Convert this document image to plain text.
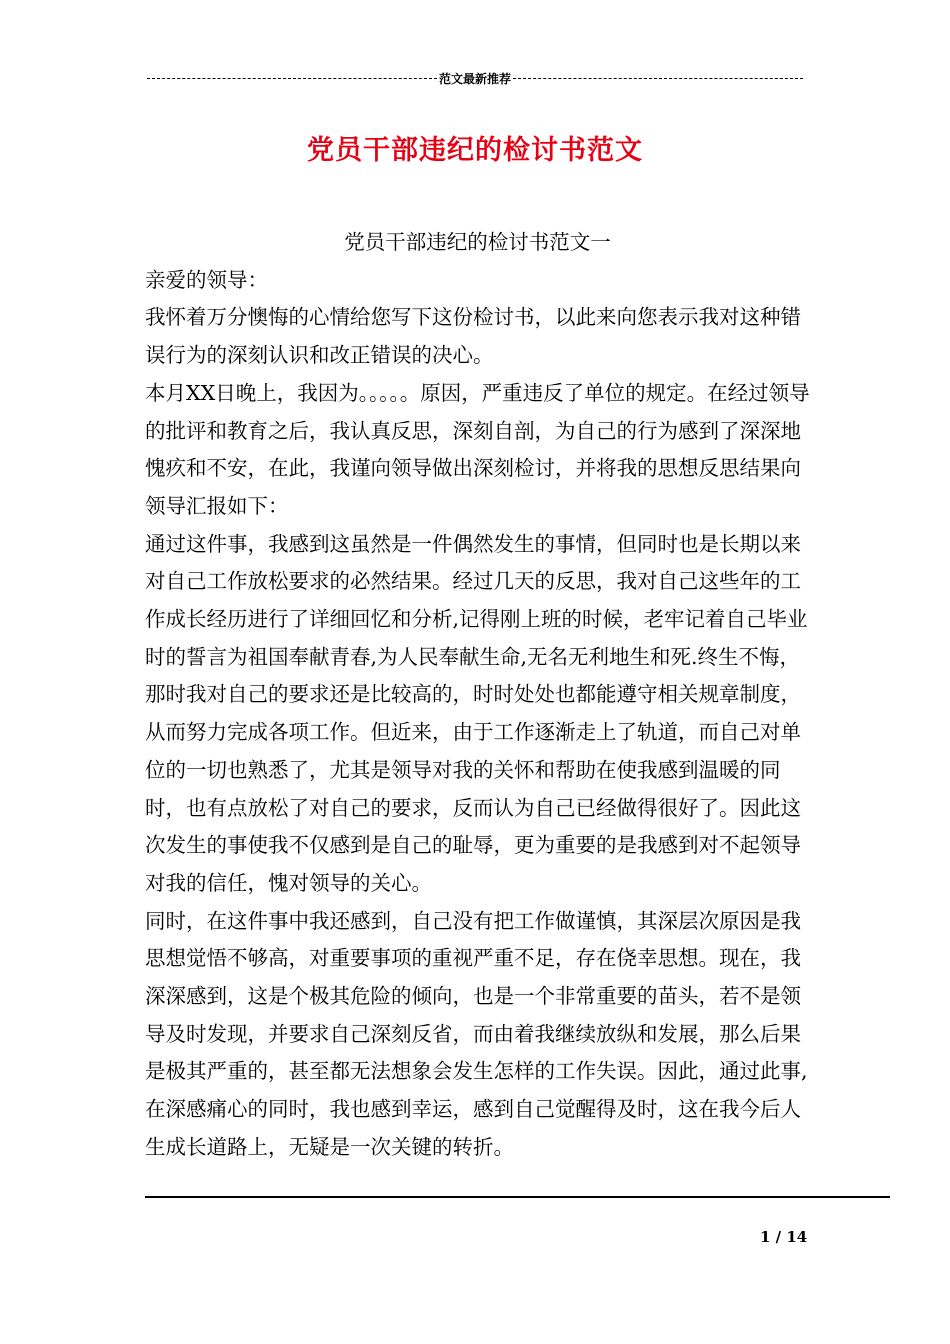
范文最新推荐
党员干部违纪的检讨书范文

党员干部违纪的检讨书范文一

亲爱的领导：

我怀着万分懊悔的心情给您写下这份检讨书，以此来向您表示我对这种错误行为的深刻认识和改正错误的决心。

本月XX日晚上，我因为。。。。。原因，严重违反了单位的规定。在经过领导的批评和教育之后，我认真反思，深刻自剖，为自己的行为感到了深深地愧疚和不安，在此，我谨向领导做出深刻检讨，并将我的思想反思结果向领导汇报如下：

通过这件事，我感到这虽然是一件偶然发生的事情，但同时也是长期以来对自己工作放松要求的必然结果。经过几天的反思，我对自己这些年的工作成长经历进行了详细回忆和分析,记得刚上班的时候，老牢记着自己毕业时的誓言为祖国奉献青春,为人民奉献生命,无名无利地生和死.终生不悔，那时我对自己的要求还是比较高的，时时处处也都能遵守相关规章制度，从而努力完成各项工作。但近来，由于工作逐渐走上了轨道，而自己对单位的一切也熟悉了，尤其是领导对我的关怀和帮助在使我感到温暖的同时，也有点放松了对自己的要求，反而认为自己已经做得很好了。因此这次发生的事使我不仅感到是自己的耻辱，更为重要的是我感到对不起领导对我的信任，愧对领导的关心。

同时，在这件事中我还感到，自己没有把工作做谨慎，其深层次原因是我思想觉悟不够高，对重要事项的重视严重不足，存在侥幸思想。现在，我深深感到，这是个极其危险的倾向，也是一个非常重要的苗头，若不是领导及时发现，并要求自己深刻反省，而由着我继续放纵和发展，那么后果是极其严重的，甚至都无法想象会发生怎样的工作失误。因此，通过此事,在深感痛心的同时，我也感到幸运，感到自己觉醒得及时，这在我今后人生成长道路上，无疑是一次关键的转折。

1 / 14
